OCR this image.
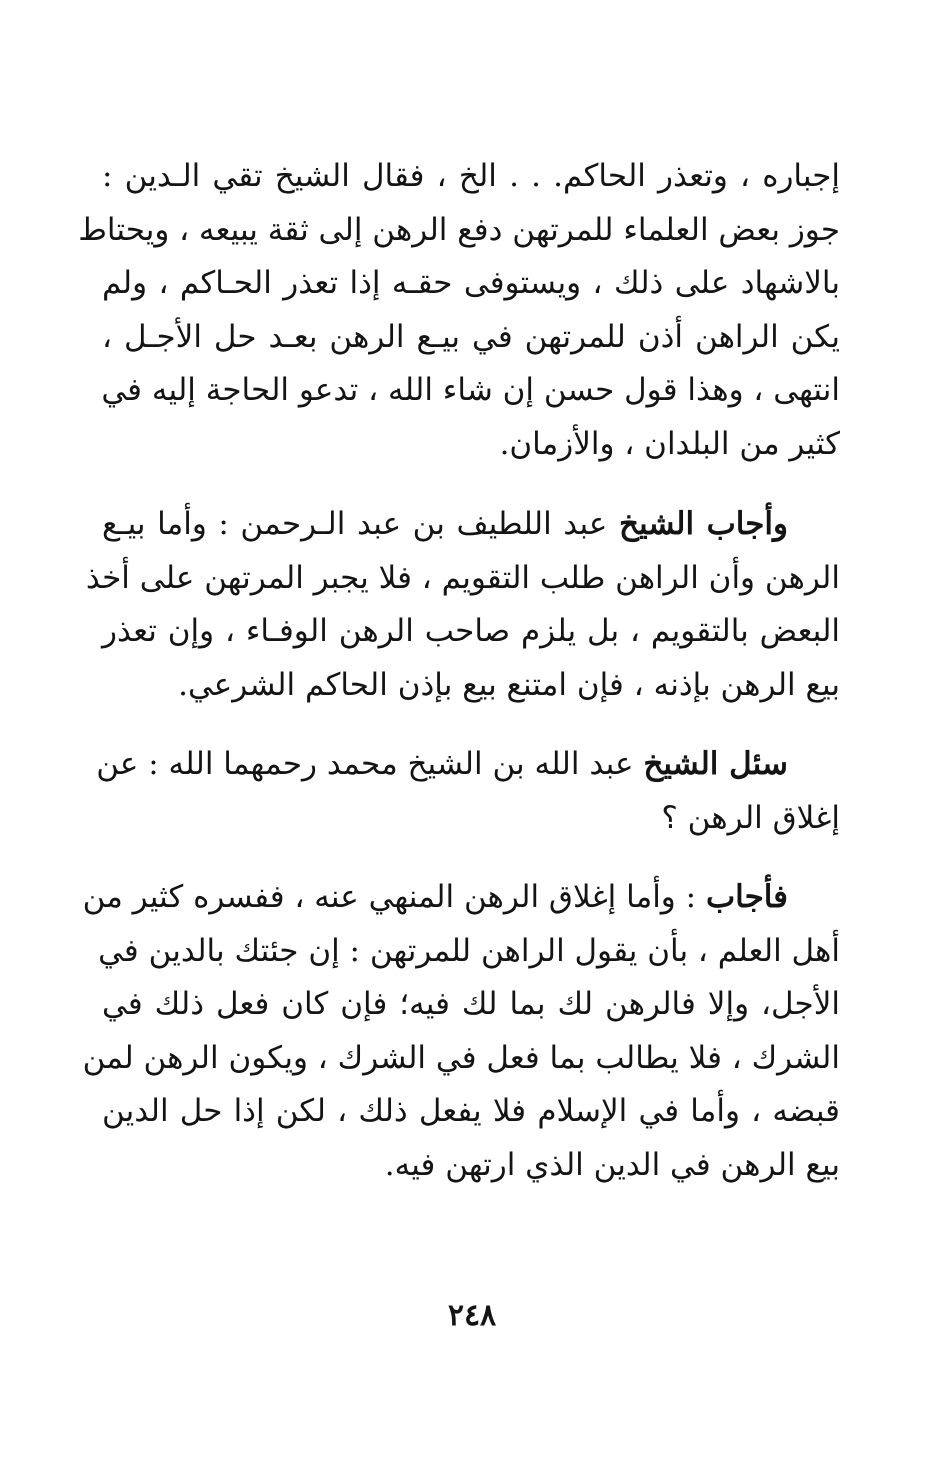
إجباره ، وتعذر الحاكم. . . الخ ، فقال الشيخ تقي الـدين :
جوز بعض العلماء للمرتهن دفع الرهن إلى ثقة يبيعه ، ويحتاط
بالاشهاد على ذلك ، ويستوفى حقـه إذا تعذر الحـاكم ، ولم
يكن الراهن أذن للمرتهن في بيـع الرهن بعـد حل الأجـل ،
انتهى ، وهذا قول حسن إن شاء الله ، تدعو الحاجة إليه في
كثير من البلدان ، والأزمان.

وأجاب الشيخ عبد اللطيف بن عبد الـرحمن : وأما بيـع
الرهن وأن الراهن طلب التقويم ، فلا يجبر المرتهن على أخذ
البعض بالتقويم ، بل يلزم صاحب الرهن الوفـاء ، وإن تعذر
بيع الرهن بإذنه ، فإن امتنع بيع بإذن الحاكم الشرعي.

سئل الشيخ عبد الله بن الشيخ محمد رحمهما الله : عن
إغلاق الرهن ؟

فأجاب : وأما إغلاق الرهن المنهي عنه ، ففسره كثير من
أهل العلم ، بأن يقول الراهن للمرتهن : إن جئتك بالدين في
الأجل، وإلا فالرهن لك بما لك فيه؛ فإن كان فعل ذلك في
الشرك ، فلا يطالب بما فعل في الشرك ، ويكون الرهن لمن
قبضه ، وأما في الإسلام فلا يفعل ذلك ، لكن إذا حل الدين
بيع الرهن في الدين الذي ارتهن فيه.

٢٤٨
